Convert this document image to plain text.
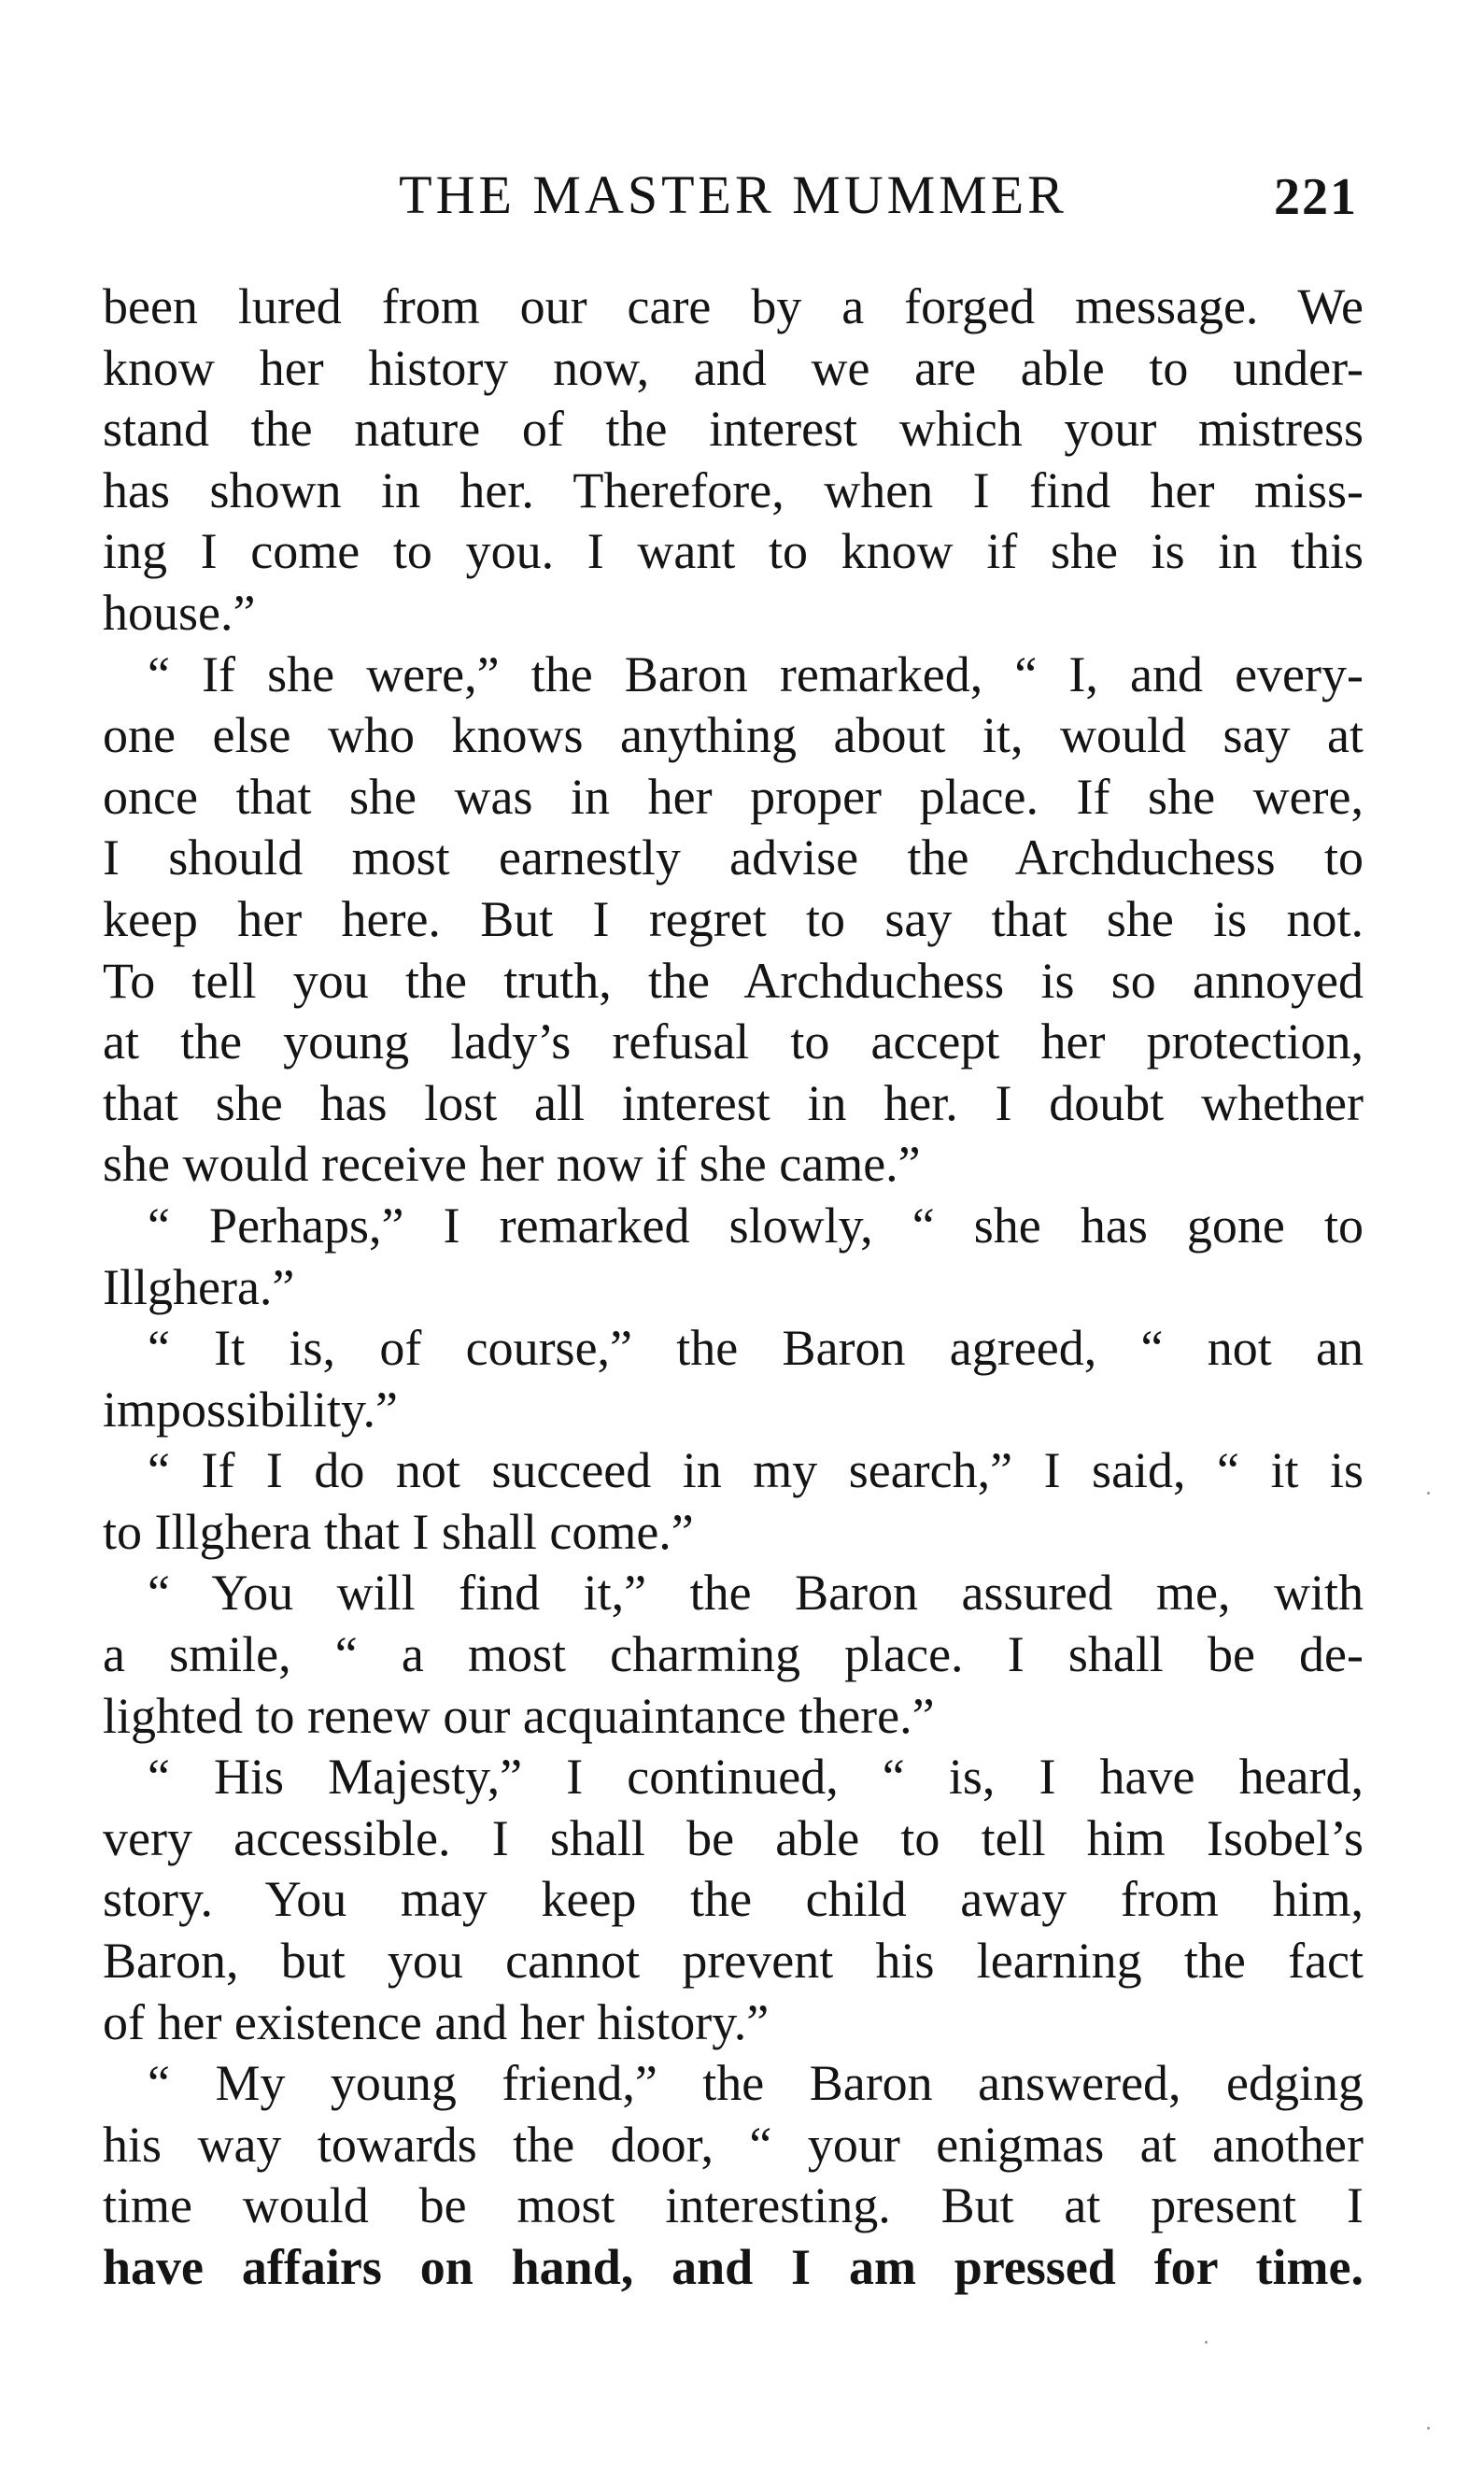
THE MASTER MUMMER	221
been lured from our care by a forged message. We
know her history now, and we are able to under-
stand the nature of the interest which your mistress
has shown in her. Therefore, when I find her miss-
ing I come to you. I want to know if she is in this
house.”
“ If she were,” the Baron remarked, “ I, and every-
one else who knows anything about it, would say at
once that she was in her proper place. If she were,
I should most earnestly advise the Archduchess to
keep her here. But I regret to say that she is not.
To tell you the truth, the Archduchess is so annoyed
at the young lady’s refusal to accept her protection,
that she has lost all interest in her. I doubt whether
she would receive her now if she came.”
“ Perhaps,” I remarked slowly, “ she has gone to
Illghera.”
“ It is, of course,” the Baron agreed, “ not an
impossibility.”
“ If I do not succeed in my search,” I said, “ it is
to Illghera that I shall come.”
“ You will find it,” the Baron assured me, with
a smile, “ a most charming place. I shall be de-
lighted to renew our acquaintance there.”
“ His Majesty,” I continued, “ is, I have heard,
very accessible. I shall be able to tell him Isobel’s
story. You may keep the child away from him,
Baron, but you cannot prevent his learning the fact
of her existence and her history.”
“ My young friend,” the Baron answered, edging
his way towards the door, “ your enigmas at another
time would be most interesting. But at present I
have affairs on hand, and I am pressed for time.
